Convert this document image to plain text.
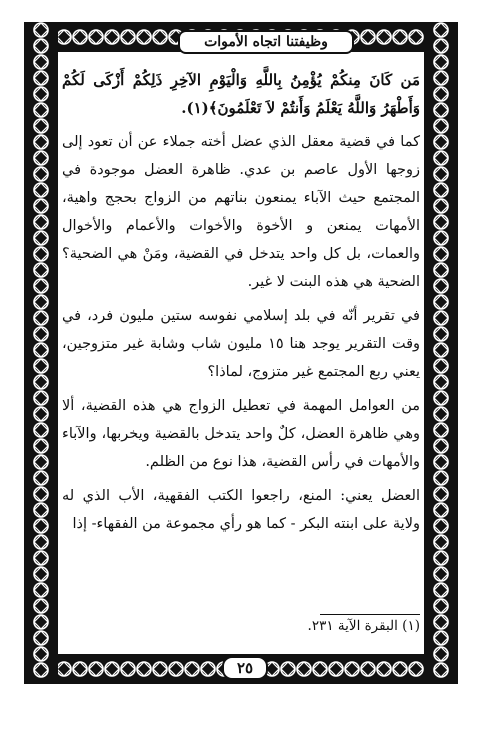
وظيفتنا اتجاه الأموات

مَن كَانَ مِنكُمْ يُؤْمِنُ بِاللَّهِ وَالْيَوْمِ الآخِرِ ذَلِكُمْ أَزْكَى لَكُمْ وَأَطْهَرُ وَاللَّهُ يَعْلَمُ وَأَنتُمْ لاَ تَعْلَمُونَ﴾(١).

كما في قضية معقل الذي عضل أخته جملاء عن أن تعود إلى زوجها الأول عاصم بن عدي. ظاهرة العضل موجودة في المجتمع حيث الآباء يمنعون بناتهم من الزواج بحجج واهية، الأمهات يمنعن و الأخوة والأخوات والأعمام والأخوال والعمات، بل كل واحد يتدخل في القضية، ومَنْ هي الضحية؟ الضحية هي هذه البنت لا غير.

في تقرير أنّه في بلد إسلامي نفوسه ستين مليون فرد، في وقت التقرير يوجد هنا ١٥ مليون شاب وشابة غير متزوجين، يعني ربع المجتمع غير متزوج، لماذا؟

من العوامل المهمة في تعطيل الزواج هي هذه القضية، ألا وهي ظاهرة العضل، كلٌ واحد يتدخل بالقضية ويخربها، والآباء والأمهات في رأس القضية، هذا نوع من الظلم.

العضل يعني: المنع، راجعوا الكتب الفقهية، الأب الذي له ولاية على ابنته البكر - كما هو رأي مجموعة من الفقهاء- إذا

(١) البقرة الآية ٢٣١.
٢٥
